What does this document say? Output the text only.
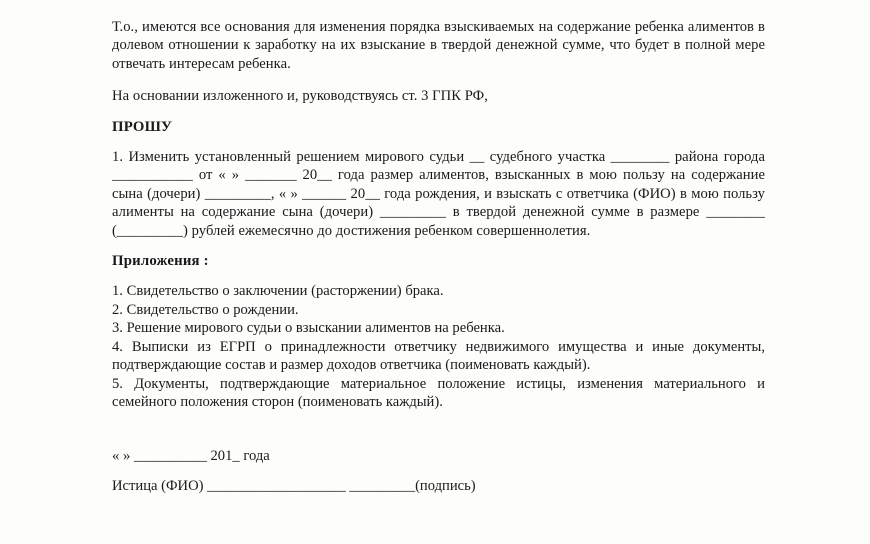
Т.о., имеются все основания для изменения порядка взыскиваемых на содержание ребенка алиментов в долевом отношении к заработку на их взыскание в твердой денежной сумме, что будет в полной мере отвечать интересам ребенка.

На основании изложенного и, руководствуясь ст. 3 ГПК РФ,

ПРОШУ

1. Изменить установленный решением мирового судьи __ судебного участка ________ района города ___________ от « » _______ 20__ года размер алиментов, взысканных в мою пользу на содержание сына (дочери) _________, « » ______ 20__ года рождения, и взыскать с ответчика (ФИО) в мою пользу алименты на содержание сына (дочери) _________ в твердой денежной сумме в размере ________ (_________) рублей ежемесячно до достижения ребенком совершеннолетия.

Приложения :

1. Свидетельство о заключении (расторжении) брака.

2. Свидетельство о рождении.

3. Решение мирового судьи о взыскании алиментов на ребенка.

4. Выписки из ЕГРП о принадлежности ответчику недвижимого имущества и иные документы, подтверждающие состав и размер доходов ответчика (поименовать каждый).

5. Документы, подтверждающие материальное положение истицы, изменения материального и семейного положения сторон (поименовать каждый).

« » __________ 201_ года

Истица (ФИО) ___________________ _________(подпись)
